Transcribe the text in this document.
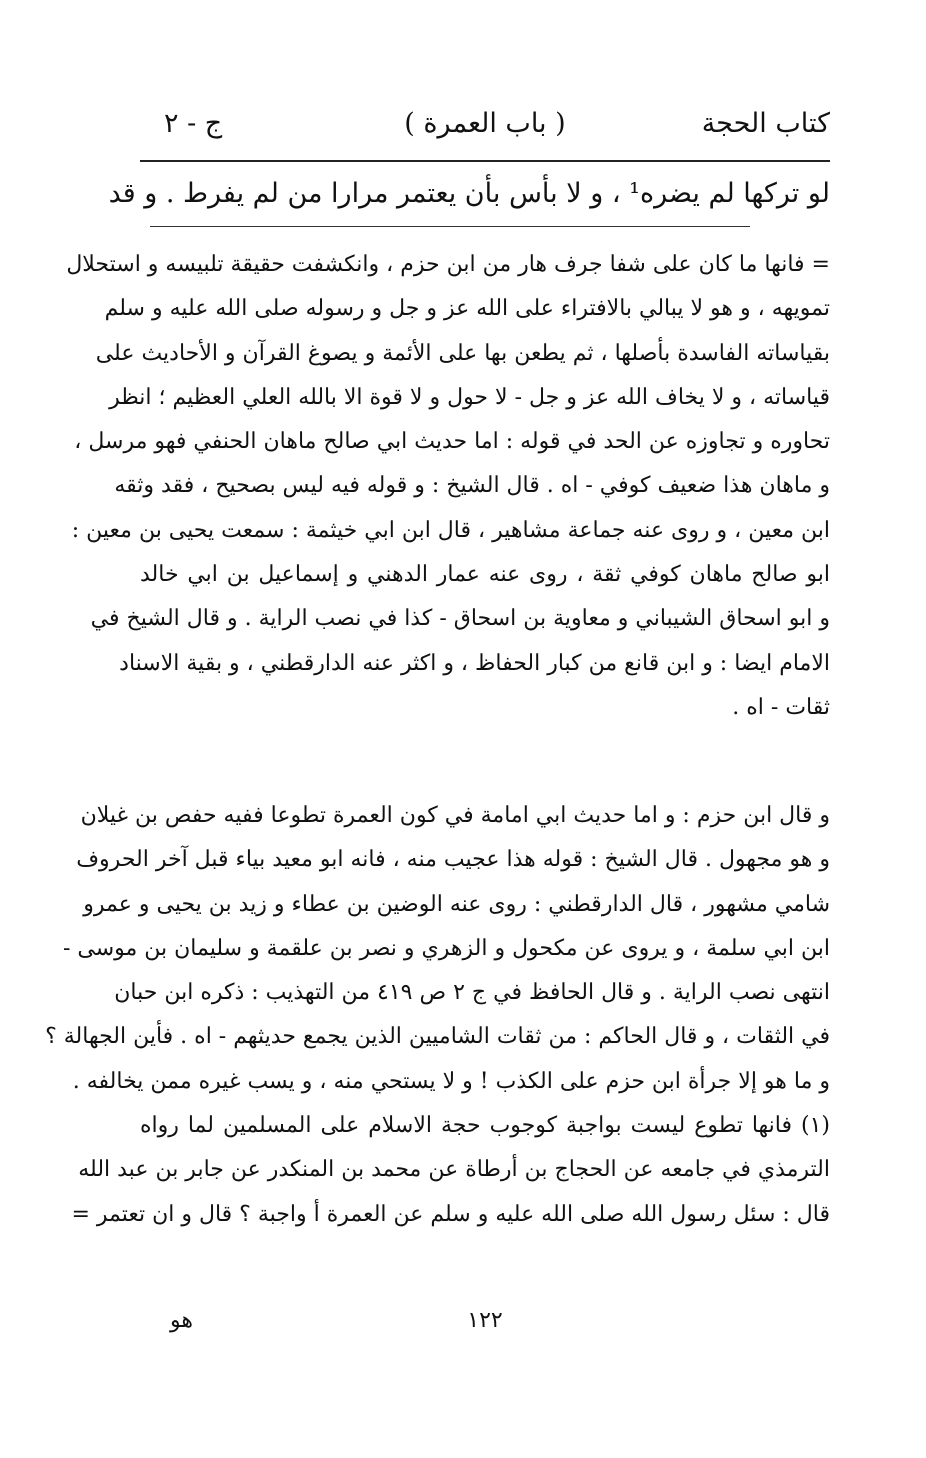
كتاب الحجة
( باب العمرة )
ج - ٢
لو تركها لم يضره¹ ، و لا بأس بأن يعتمر مرارا من لم يفرط . و قد
= فانها ما كان على شفا جرف هار من ابن حزم ، وانكشفت حقيقة تلبيسه و استحلال
تمويهه ، و هو لا يبالي بالافتراء على الله عز و جل و رسوله صلى الله عليه و سلم
بقياساته الفاسدة بأصلها ، ثم يطعن بها على الأئمة و يصوغ القرآن و الأحاديث على
قياساته ، و لا يخاف الله عز و جل - لا حول و لا قوة الا بالله العلي العظيم ؛ انظر
تحاوره و تجاوزه عن الحد في قوله : اما حديث ابي صالح ماهان الحنفي فهو مرسل ،
و ماهان هذا ضعيف كوفي - اه . قال الشيخ : و قوله فيه ليس بصحيح ، فقد وثقه
ابن معين ، و روى عنه جماعة مشاهير ، قال ابن ابي خيثمة : سمعت يحيى بن معين :
ابو صالح ماهان كوفي ثقة ، روى عنه عمار الدهني و إسماعيل بن ابي خالد
و ابو اسحاق الشيباني و معاوية بن اسحاق - كذا في نصب الراية . و قال الشيخ في
الامام ايضا : و ابن قانع من كبار الحفاظ ، و اكثر عنه الدارقطني ، و بقية الاسناد
ثقات - اه .
و قال ابن حزم : و اما حديث ابي امامة في كون العمرة تطوعا ففيه حفص بن غيلان
و هو مجهول . قال الشيخ : قوله هذا عجيب منه ، فانه ابو معيد بياء قبل آخر الحروف
شامي مشهور ، قال الدارقطني : روى عنه الوضين بن عطاء و زيد بن يحيى و عمرو
ابن ابي سلمة ، و يروى عن مكحول و الزهري و نصر بن علقمة و سليمان بن موسى -
انتهى نصب الراية . و قال الحافظ في ج ٢ ص ٤١٩ من التهذيب : ذكره ابن حبان
في الثقات ، و قال الحاكم : من ثقات الشاميين الذين يجمع حديثهم - اه . فأين الجهالة ؟
و ما هو إلا جرأة ابن حزم على الكذب ! و لا يستحي منه ، و يسب غيره ممن يخالفه .
(١) فانها تطوع ليست بواجبة كوجوب حجة الاسلام على المسلمين لما رواه
الترمذي في جامعه عن الحجاج بن أرطاة عن محمد بن المنكدر عن جابر بن عبد الله
قال : سئل رسول الله صلى الله عليه و سلم عن العمرة أ واجبة ؟ قال و ان تعتمر =
١٢٢
هو
